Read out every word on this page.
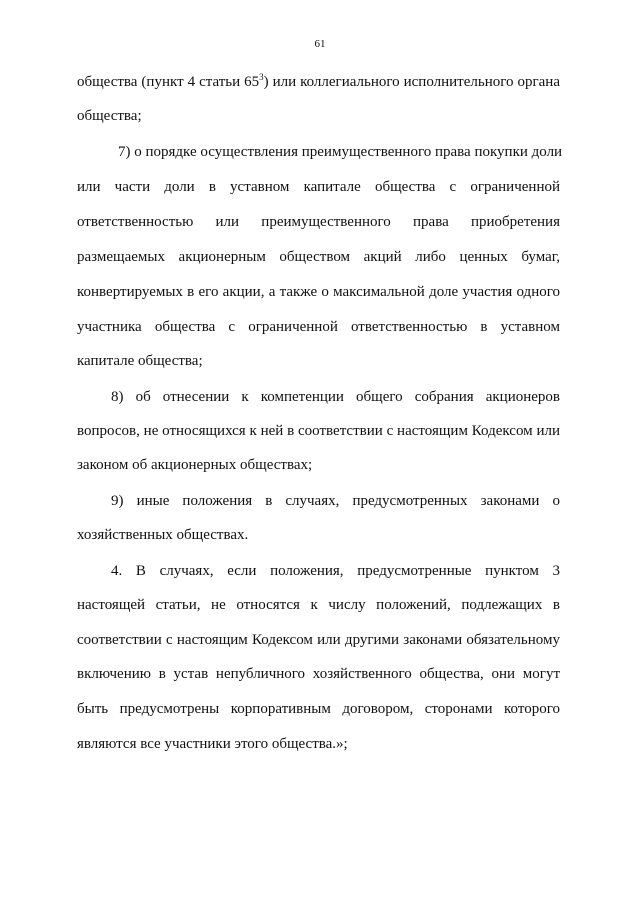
61
общества (пункт 4 статьи $65^3$) или коллегиального исполнительного органа
общества;
7) о порядке осуществления преимущественного права покупки доли
или части доли в уставном капитале общества с ограниченной
ответственностью или преимущественного права приобретения
размещаемых акционерным обществом акций либо ценных бумаг,
конвертируемых в его акции, а также о максимальной доле участия одного
участника общества с ограниченной ответственностью в уставном
капитале общества;
8) об отнесении к компетенции общего собрания акционеров
вопросов, не относящихся к ней в соответствии с настоящим Кодексом или
законом об акционерных обществах;
9) иные положения в случаях, предусмотренных законами о
хозяйственных обществах.
4. В случаях, если положения, предусмотренные пунктом 3
настоящей статьи, не относятся к числу положений, подлежащих в
соответствии с настоящим Кодексом или другими законами обязательному
включению в устав непубличного хозяйственного общества, они могут
быть предусмотрены корпоративным договором, сторонами которого
являются все участники этого общества.»;
